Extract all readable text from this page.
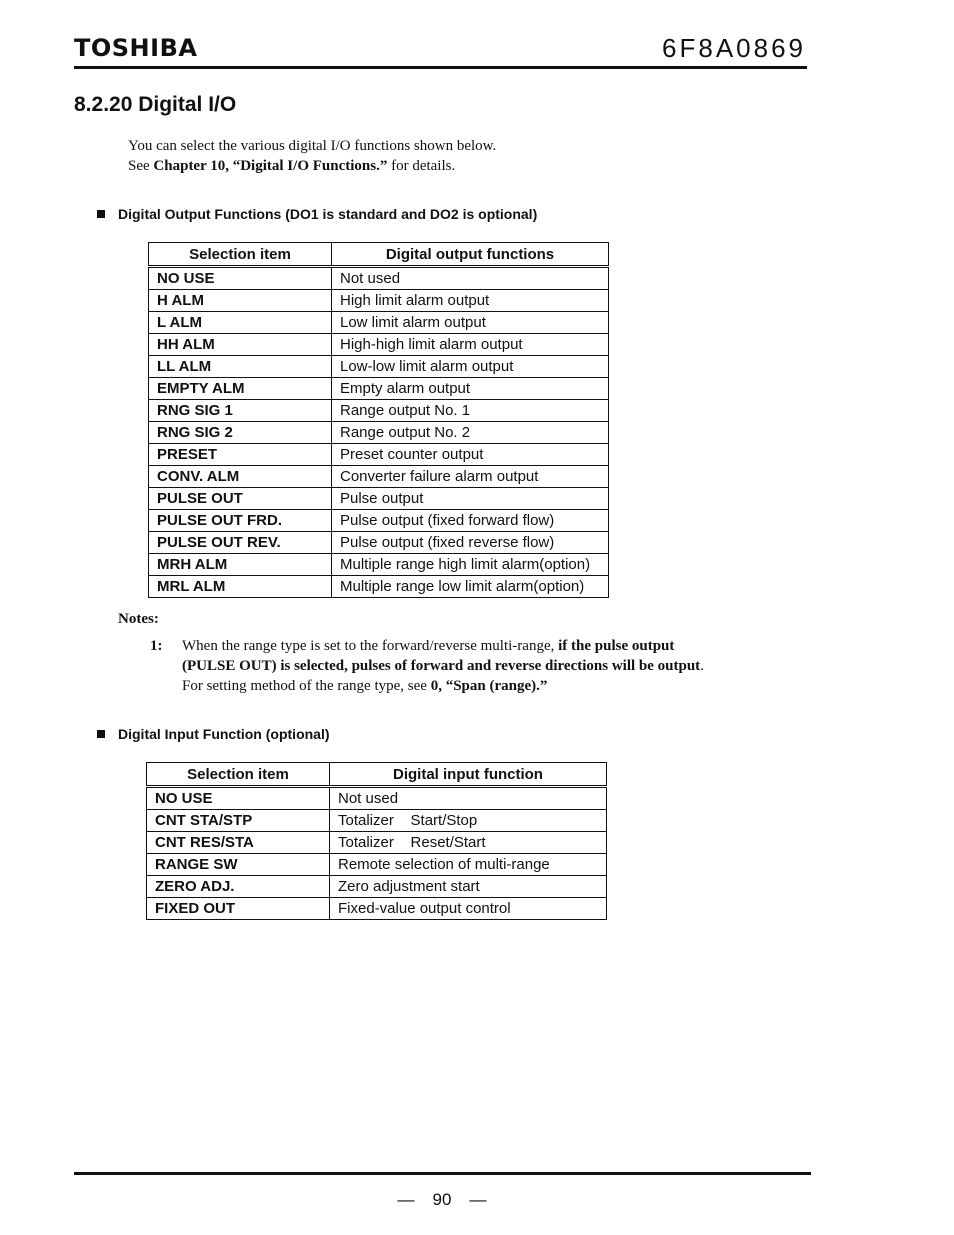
TOSHIBA	6F8A0869
8.2.20 Digital I/O
You can select the various digital I/O functions shown below.
See Chapter 10, “Digital I/O Functions.” for details.
Digital Output Functions (DO1 is standard and DO2 is optional)
Selection item	Digital output functions
NO USE	Not used
H ALM	High limit alarm output
L ALM	Low limit alarm output
HH ALM	High-high limit alarm output
LL ALM	Low-low limit alarm output
EMPTY ALM	Empty alarm output
RNG SIG 1	Range output No. 1
RNG SIG 2	Range output No. 2
PRESET	Preset counter output
CONV. ALM	Converter failure alarm output
PULSE OUT	Pulse output
PULSE OUT FRD.	Pulse output (fixed forward flow)
PULSE OUT REV.	Pulse output (fixed reverse flow)
MRH ALM	Multiple range high limit alarm(option)
MRL ALM	Multiple range low limit alarm(option)
Notes:
1: When the range type is set to the forward/reverse multi-range, if the pulse output
(PULSE OUT) is selected, pulses of forward and reverse directions will be output.
For setting method of the range type, see 0, “Span (range).”
Digital Input Function (optional)
Selection item	Digital input function
NO USE	Not used
CNT STA/STP	Totalizer    Start/Stop
CNT RES/STA	Totalizer    Reset/Start
RANGE SW	Remote selection of multi-range
ZERO ADJ.	Zero adjustment start
FIXED OUT	Fixed-value output control
— 90 —
